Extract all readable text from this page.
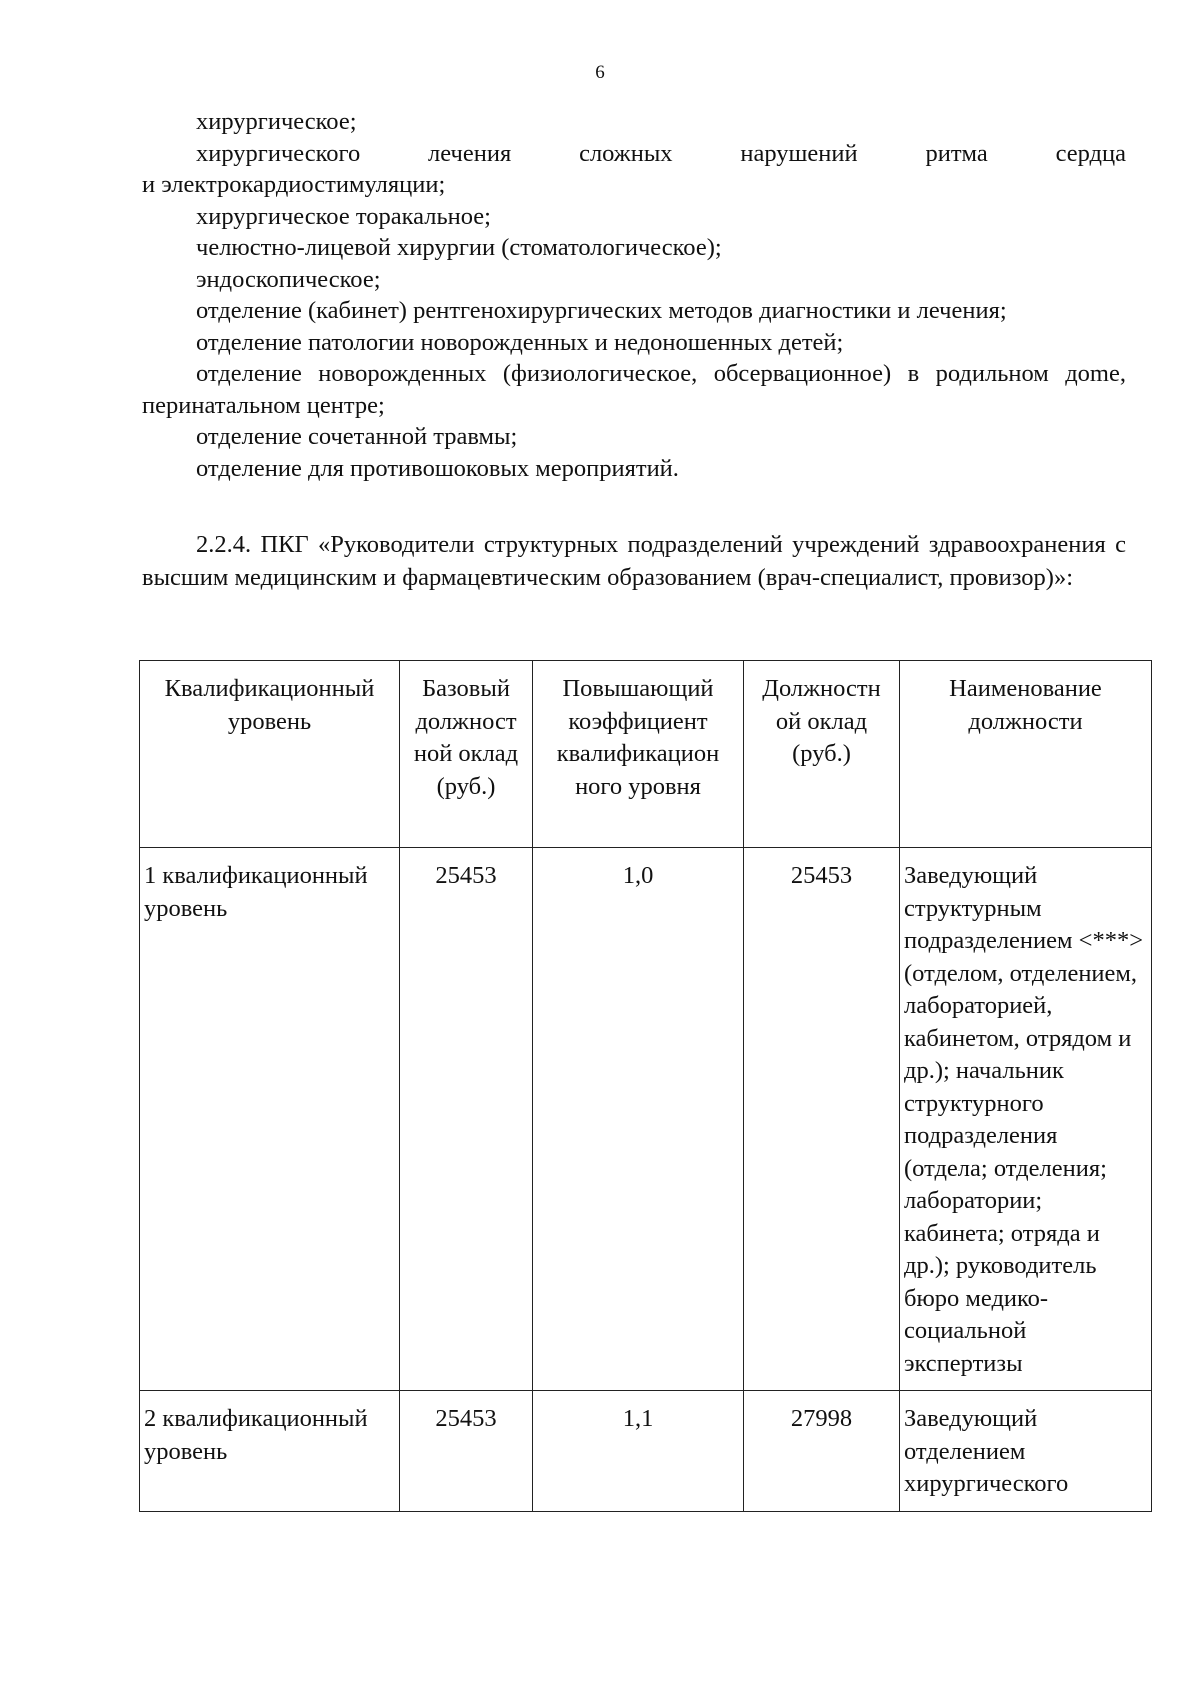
6

хирургическое;

хирургического лечения сложных нарушений ритма сердца

и электрокардиостимуляции;

хирургическое торакальное;

челюстно-лицевой хирургии (стоматологическое);

эндоскопическое;

отделение (кабинет) рентгенохирургических методов диагностики и лечения;

отделение патологии новорожденных и недоношенных детей;

отделение новорожденных (физиологическое, обсервационное) в родильном дome, перинатальном центре;

отделение сочетанной травмы;

отделение для противошоковых мероприятий.

2.2.4. ПКГ «Руководители структурных подразделений учреждений здравоохранения с высшим медицинским и фармацевтическим образованием (врач-специалист, провизор)»:

Квалификационный уровень	Базовый должност ной оклад (руб.)	Повышающий коэффициент квалификацион ного уровня	Должностн ой оклад (руб.)	Наименование должности
1 квалификационный уровень	25453	1,0	25453	Заведующий структурным подразделением <***> (отделом, отделением, лабораторией, кабинетом, отрядом и др.); начальник структурного подразделения (отдела; отделения; лаборатории; кабинета; отряда и др.); руководитель бюро медико-социальной экспертизы
2 квалификационный уровень	25453	1,1	27998	Заведующий отделением хирургического
